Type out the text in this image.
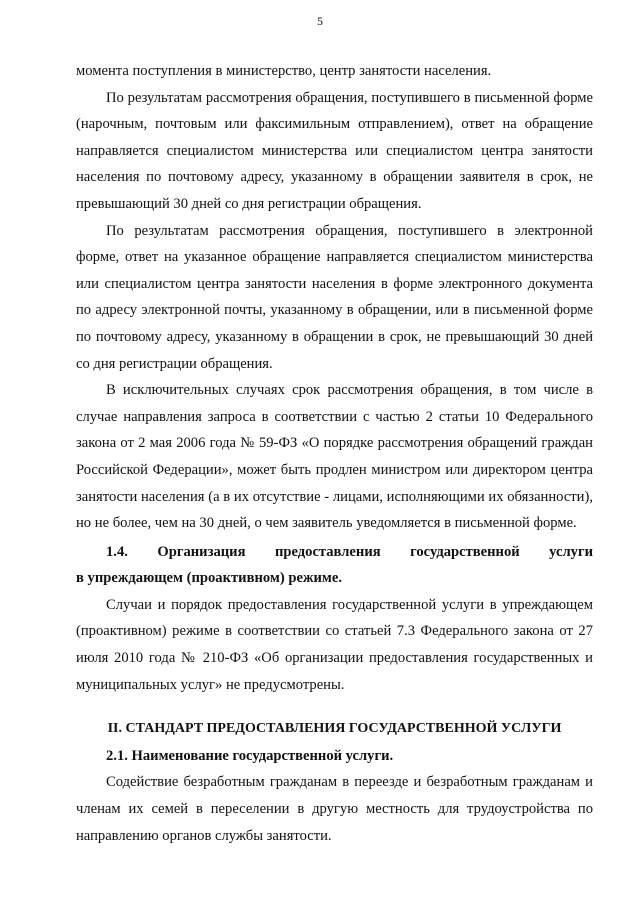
5

момента поступления в министерство, центр занятости населения.

По результатам рассмотрения обращения, поступившего в письменной форме (нарочным, почтовым или факсимильным отправлением), ответ на обращение направляется специалистом министерства или специалистом центра занятости населения по почтовому адресу, указанному в обращении заявителя в срок, не превышающий 30 дней со дня регистрации обращения.

По результатам рассмотрения обращения, поступившего в электронной форме, ответ на указанное обращение направляется специалистом министерства или специалистом центра занятости населения в форме электронного документа по адресу электронной почты, указанному в обращении, или в письменной форме по почтовому адресу, указанному в обращении в срок, не превышающий 30 дней со дня регистрации обращения.

В исключительных случаях срок рассмотрения обращения, в том числе в случае направления запроса в соответствии с частью 2 статьи 10 Федерального закона от 2 мая 2006 года № 59-ФЗ «О порядке рассмотрения обращений граждан Российской Федерации», может быть продлен министром или директором центра занятости населения (а в их отсутствие - лицами, исполняющими их обязанности), но не более, чем на 30 дней, о чем заявитель уведомляется в письменной форме.

1.4. Организация предоставления государственной услуги
в упреждающем (проактивном) режиме.

Случаи и порядок предоставления государственной услуги в упреждающем (проактивном) режиме в соответствии со статьей 7.3 Федерального закона от 27 июля 2010 года № 210-ФЗ «Об организации предоставления государственных и муниципальных услуг» не предусмотрены.

II. СТАНДАРТ ПРЕДОСТАВЛЕНИЯ ГОСУДАРСТВЕННОЙ УСЛУГИ
2.1. Наименование государственной услуги.

Содействие безработным гражданам в переезде и безработным гражданам и членам их семей в переселении в другую местность для трудоустройства по направлению органов службы занятости.
